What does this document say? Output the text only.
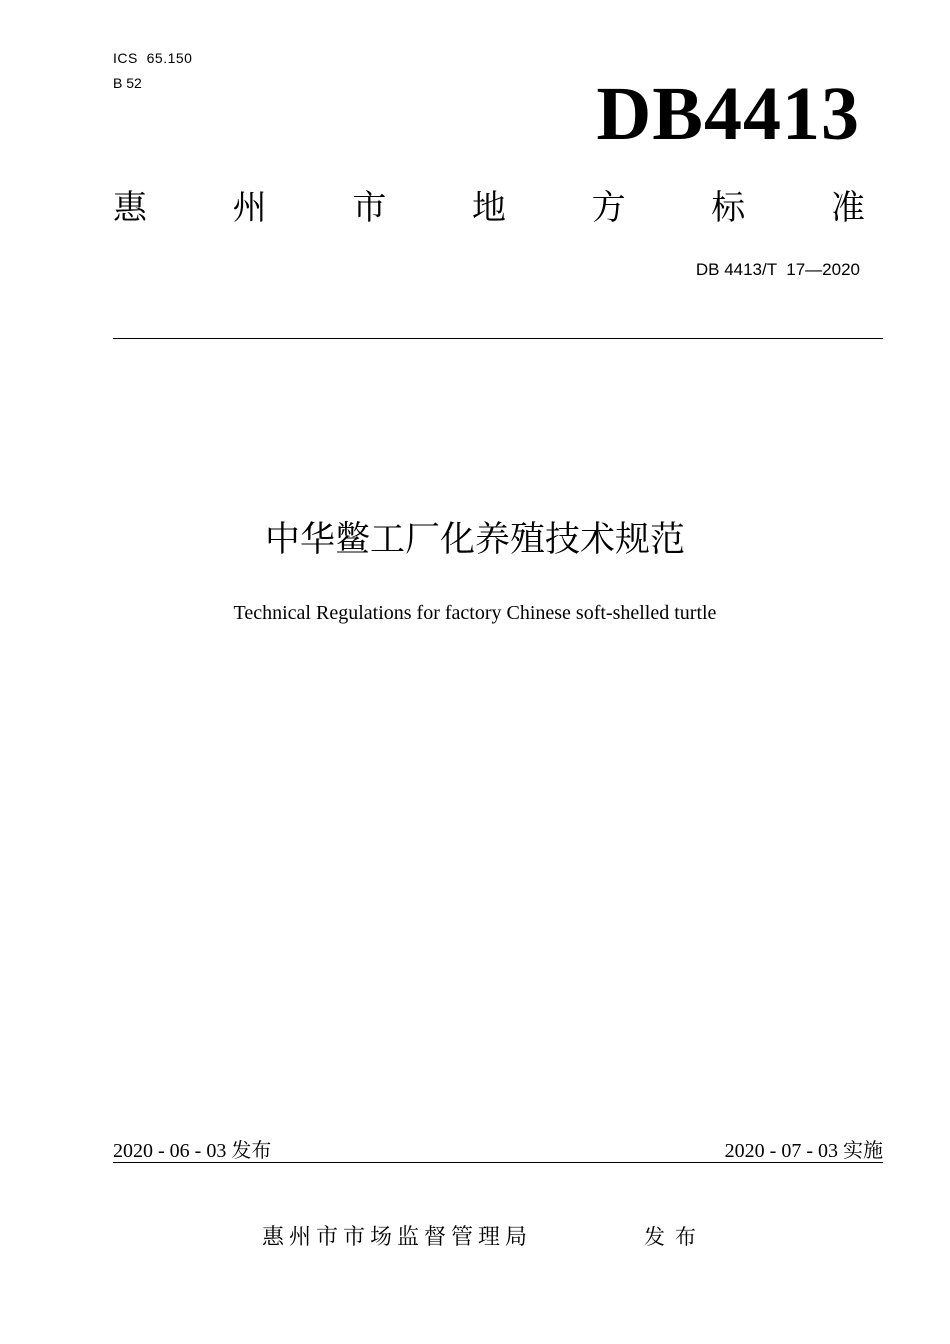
ICS  65.150
B 52	DB4413
惠	州	市	地	方	标	准
DB 4413/T  17—2020
中华鳖工厂化养殖技术规范
Technical Regulations for factory Chinese soft-shelled turtle
2020 - 06 - 03 发布	2020 - 07 - 03 实施
惠州市市场监督管理局	发布
